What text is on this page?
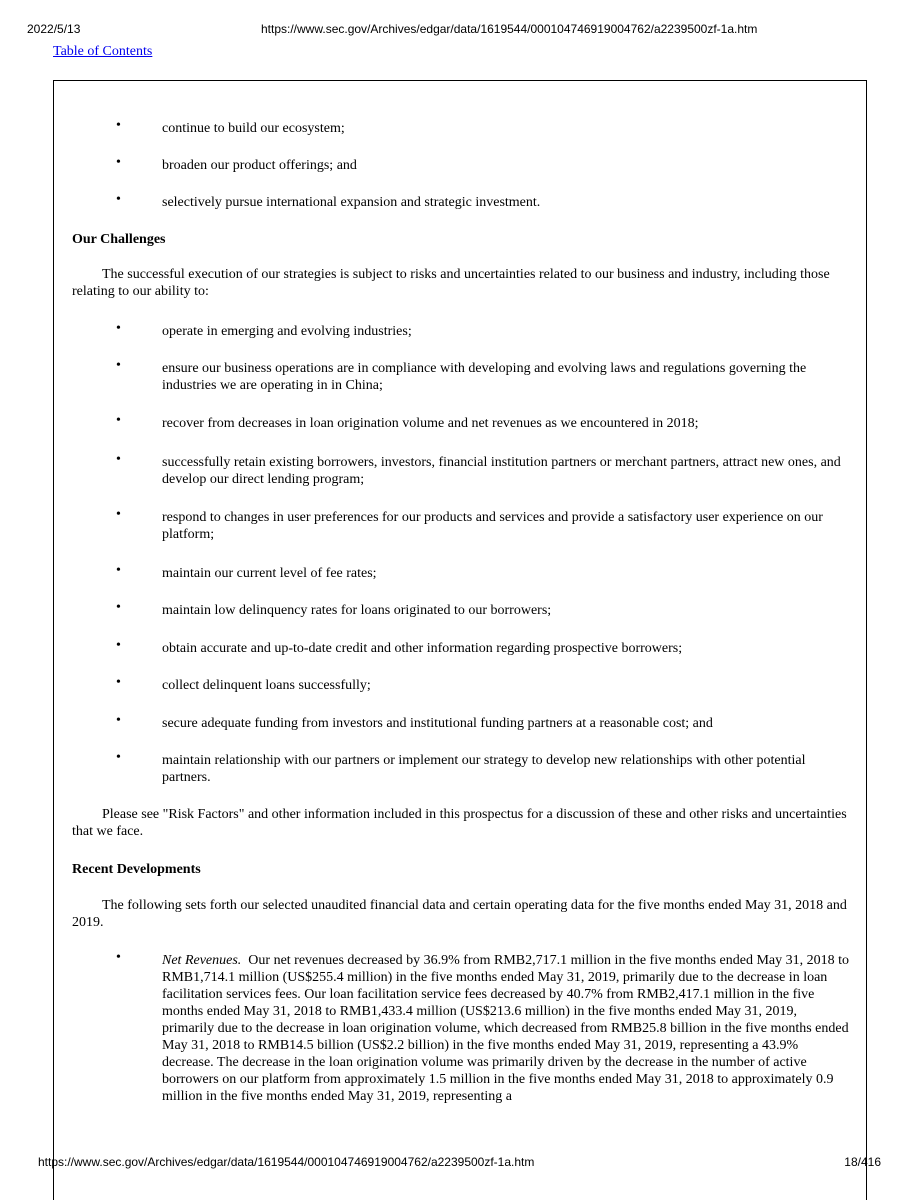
2022/5/13	https://www.sec.gov/Archives/edgar/data/1619544/000104746919004762/a2239500zf-1a.htm
Table of Contents
•	continue to build our ecosystem;
•	broaden our product offerings; and
•	selectively pursue international expansion and strategic investment.
Our Challenges
The successful execution of our strategies is subject to risks and uncertainties related to our business and industry, including those relating to our ability to:
•	operate in emerging and evolving industries;
•	ensure our business operations are in compliance with developing and evolving laws and regulations governing the industries we are operating in in China;
•	recover from decreases in loan origination volume and net revenues as we encountered in 2018;
•	successfully retain existing borrowers, investors, financial institution partners or merchant partners, attract new ones, and develop our direct lending program;
•	respond to changes in user preferences for our products and services and provide a satisfactory user experience on our platform;
•	maintain our current level of fee rates;
•	maintain low delinquency rates for loans originated to our borrowers;
•	obtain accurate and up-to-date credit and other information regarding prospective borrowers;
•	collect delinquent loans successfully;
•	secure adequate funding from investors and institutional funding partners at a reasonable cost; and
•	maintain relationship with our partners or implement our strategy to develop new relationships with other potential partners.
Please see "Risk Factors" and other information included in this prospectus for a discussion of these and other risks and uncertainties that we face.
Recent Developments
The following sets forth our selected unaudited financial data and certain operating data for the five months ended May 31, 2018 and 2019.
•	Net Revenues. Our net revenues decreased by 36.9% from RMB2,717.1 million in the five months ended May 31, 2018 to RMB1,714.1 million (US$255.4 million) in the five months ended May 31, 2019, primarily due to the decrease in loan facilitation services fees. Our loan facilitation service fees decreased by 40.7% from RMB2,417.1 million in the five months ended May 31, 2018 to RMB1,433.4 million (US$213.6 million) in the five months ended May 31, 2019, primarily due to the decrease in loan origination volume, which decreased from RMB25.8 billion in the five months ended May 31, 2018 to RMB14.5 billion (US$2.2 billion) in the five months ended May 31, 2019, representing a 43.9% decrease. The decrease in the loan origination volume was primarily driven by the decrease in the number of active borrowers on our platform from approximately 1.5 million in the five months ended May 31, 2018 to approximately 0.9 million in the five months ended May 31, 2019, representing a
https://www.sec.gov/Archives/edgar/data/1619544/000104746919004762/a2239500zf-1a.htm	18/416
